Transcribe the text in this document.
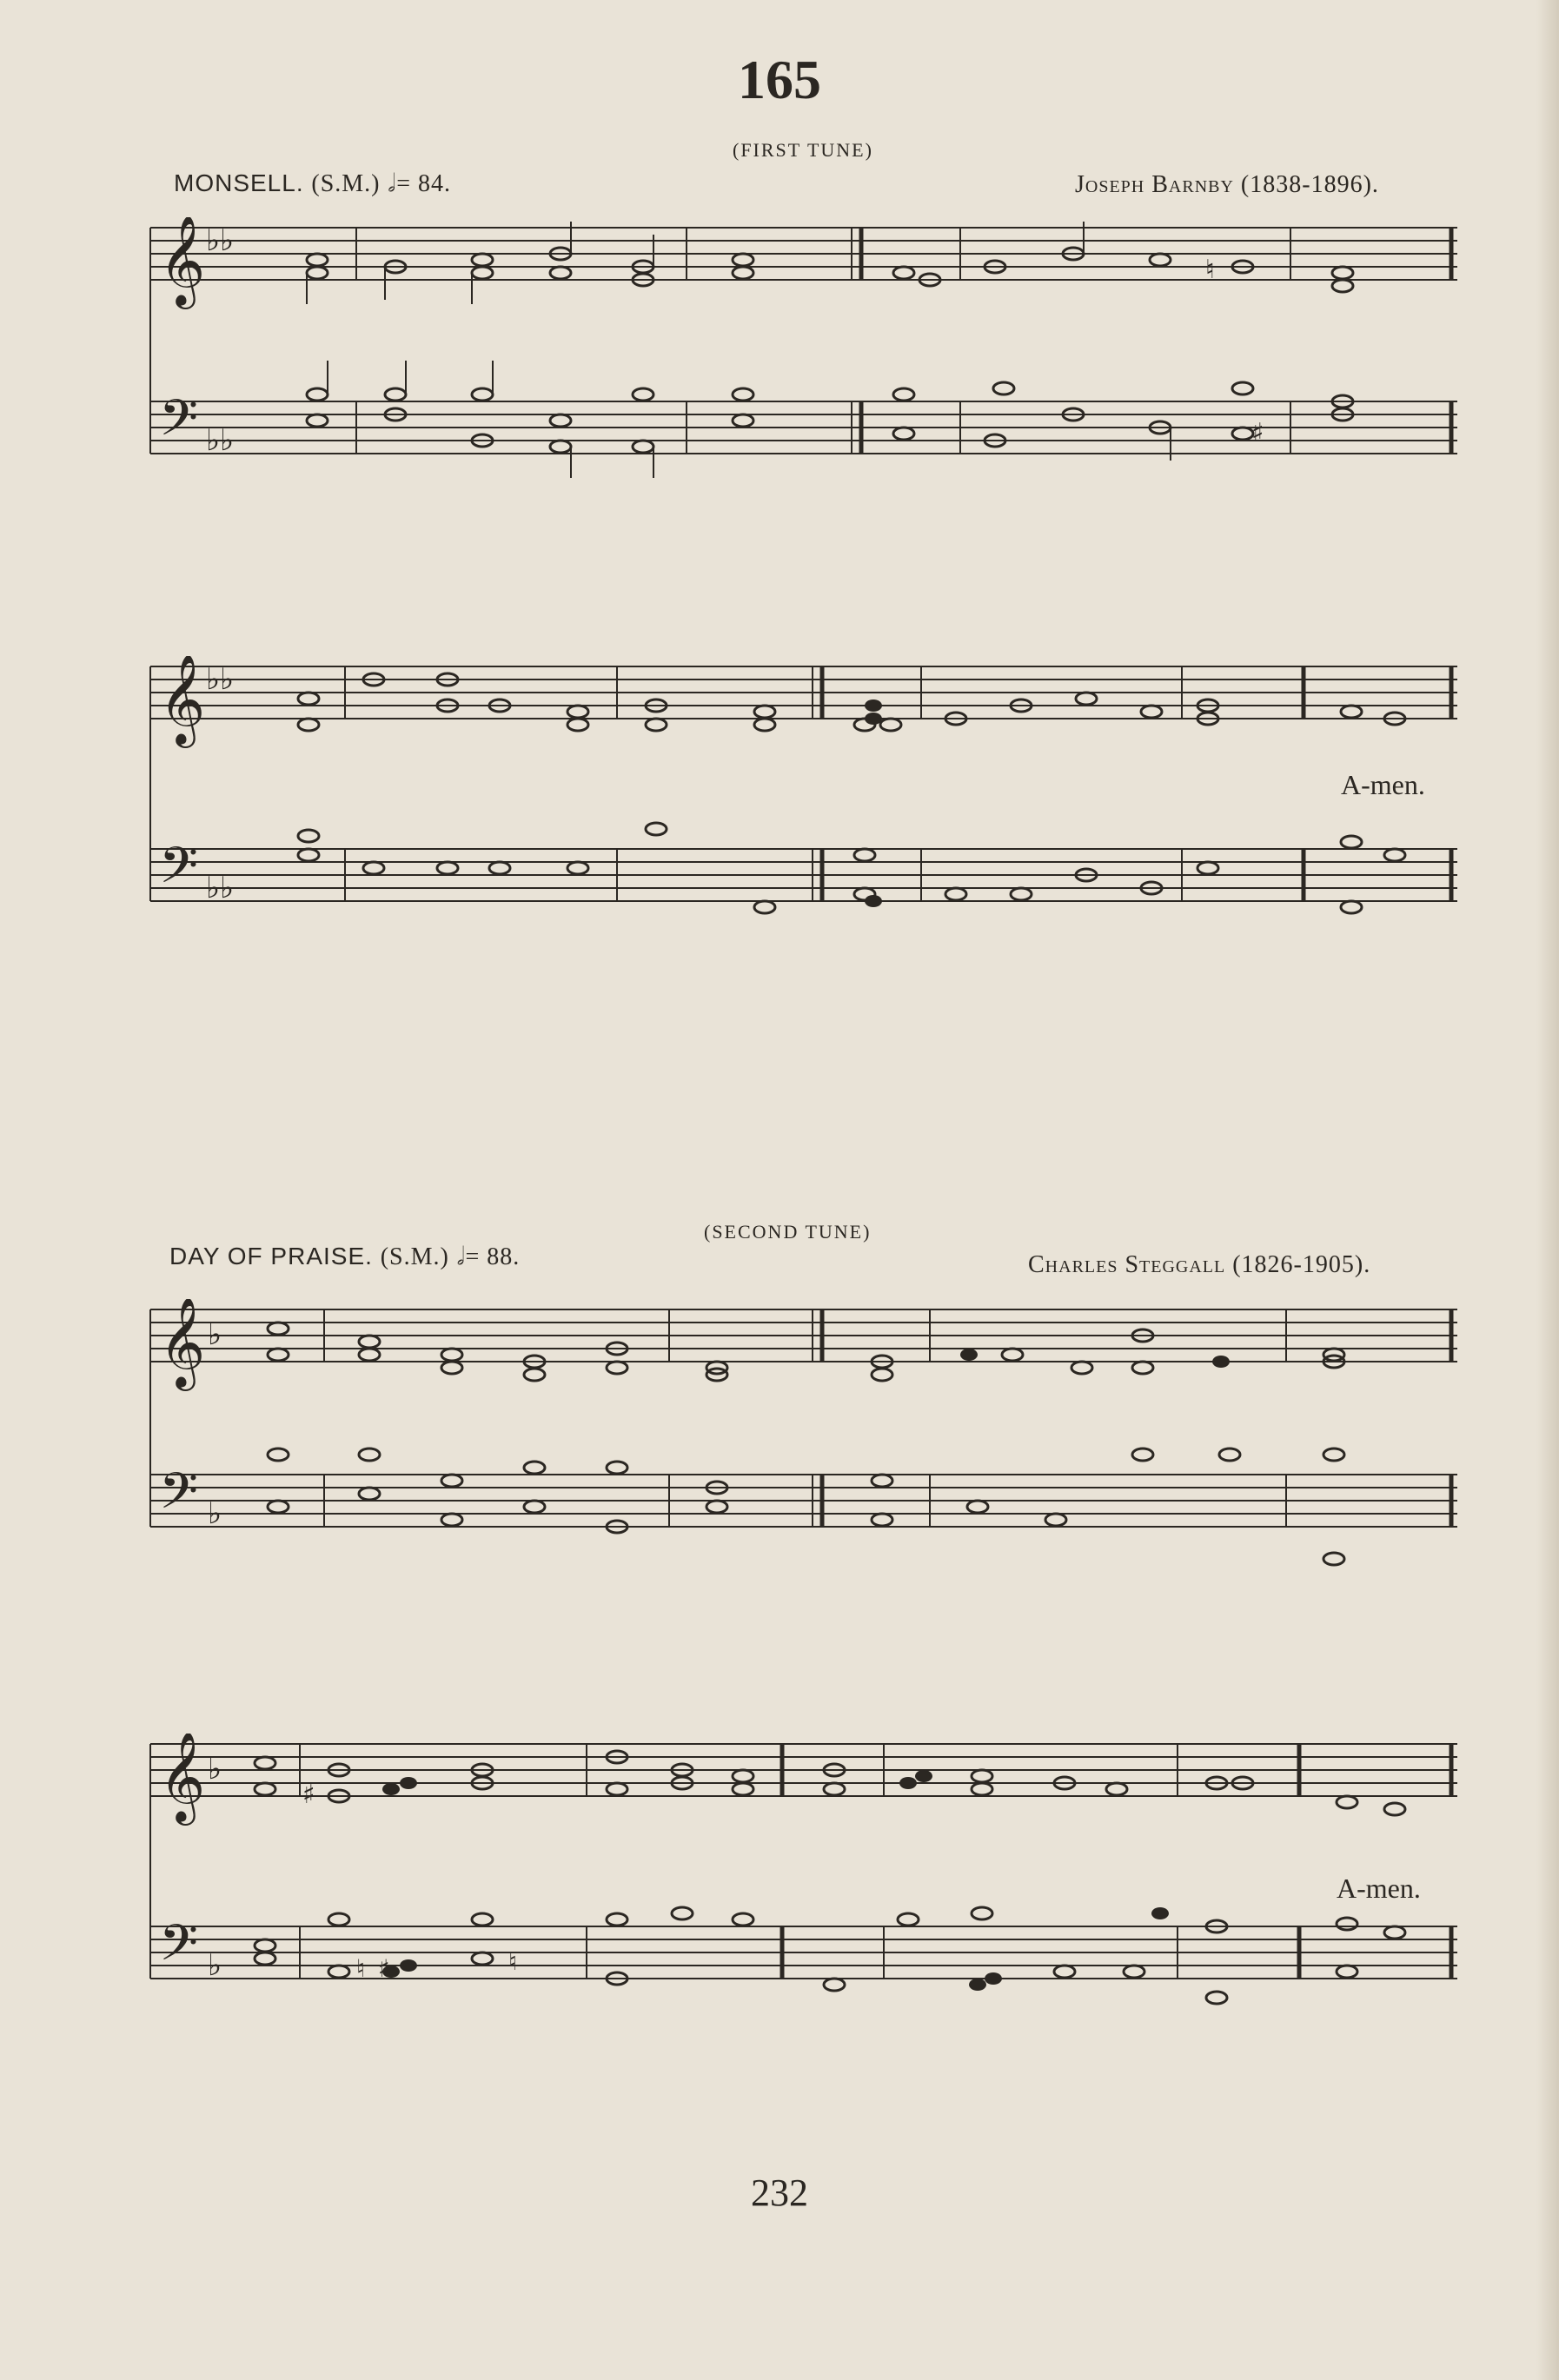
165
(FIRST TUNE)
MONSELL. (S.M.) 𝅗𝅥= 84.	Joseph Barnby (1838-1896).
𝄞
𝄢
♭♭
♭♭
♮
♯
𝄞
𝄢
♭♭
♭♭
A-men.
(SECOND TUNE)
DAY OF PRAISE. (S.M.) 𝅗𝅥= 88.	Charles Steggall (1826-1905).
𝄞
𝄢
♭
♭
𝄞
𝄢
♭
♭
♯
♮ ♯	♮
A-men.
232
